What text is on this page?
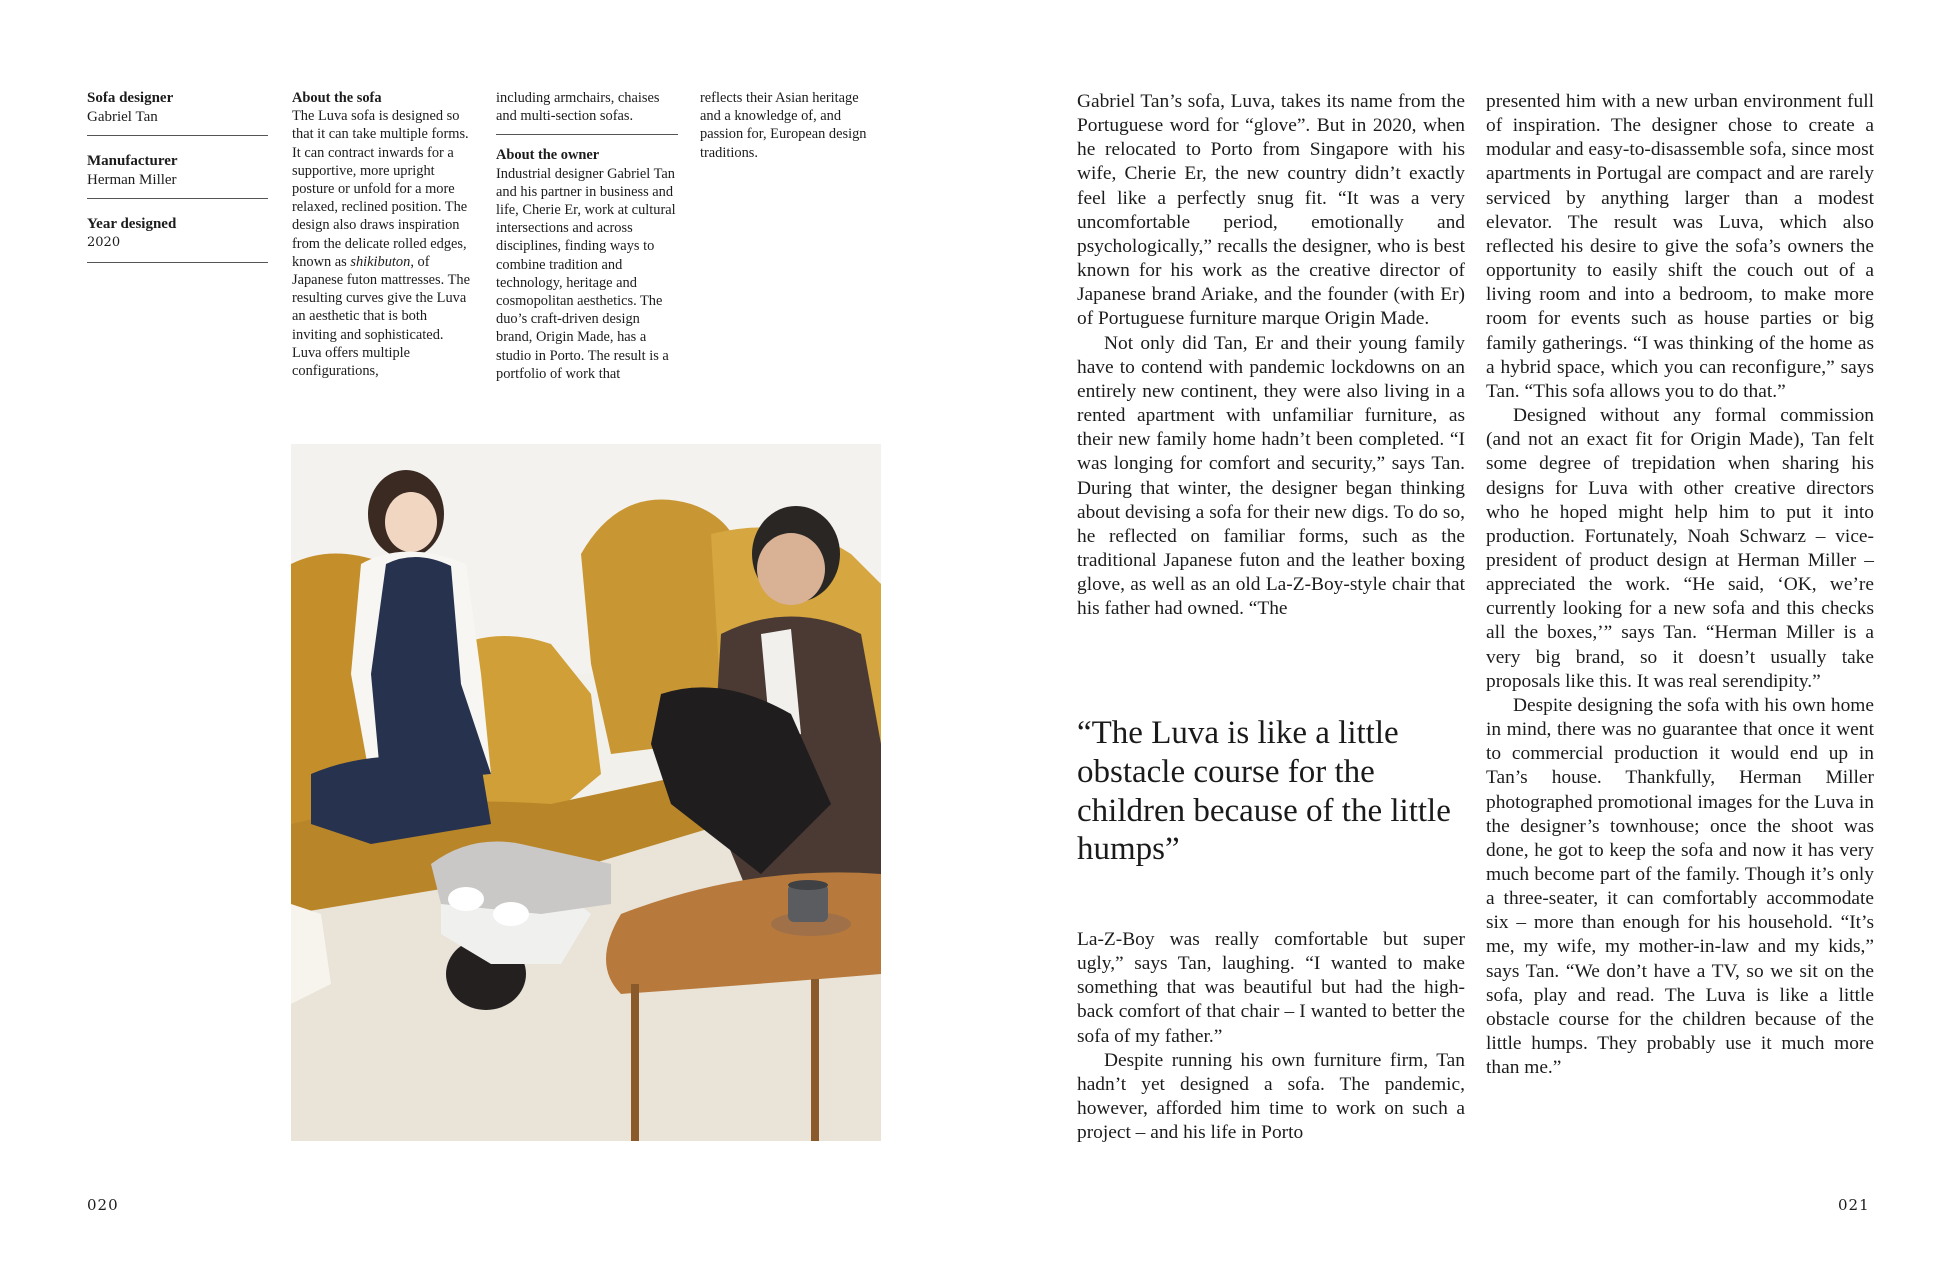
Sofa designer
Gabriel Tan
Manufacturer
Herman Miller
Year designed
2020
About the sofa
The Luva sofa is designed so that it can take multiple forms. It can contract inwards for a supportive, more upright posture or unfold for a more relaxed, reclined position. The design also draws inspiration from the delicate rolled edges, known as shikibuton, of Japanese futon mattresses. The resulting curves give the Luva an aesthetic that is both inviting and sophisticated. Luva offers multiple configurations,
including armchairs, chaises and multi-section sofas.
About the owner
Industrial designer Gabriel Tan and his partner in business and life, Cherie Er, work at cultural intersections and across disciplines, finding ways to combine tradition and technology, heritage and cosmopolitan aesthetics. The duo’s craft-driven design brand, Origin Made, has a studio in Porto. The result is a portfolio of work that
reflects their Asian heritage and a knowledge of, and passion for, European design traditions.

Gabriel Tan’s sofa, Luva, takes its name from the Portuguese word for “glove”. But in 2020, when he relocated to Porto from Singapore with his wife, Cherie Er, the new country didn’t exactly feel like a perfectly snug fit. “It was a very uncomfortable period, emotionally and psychologically,” recalls the designer, who is best known for his work as the creative director of Japanese brand Ariake, and the founder (with Er) of Portuguese furniture marque Origin Made.

Not only did Tan, Er and their young family have to contend with pandemic lockdowns on an entirely new continent, they were also living in a rented apartment with unfamiliar furniture, as their new family home hadn’t been completed. “I was longing for comfort and security,” says Tan. During that winter, the designer began thinking about devising a sofa for their new digs. To do so, he reflected on familiar forms, such as the traditional Japanese futon and the leather boxing glove, as well as an old La-Z-Boy-style chair that his father had owned. “The

“The Luva is like a little obstacle course for the children because of the little humps”

La-Z-Boy was really comfortable but super ugly,” says Tan, laughing. “I wanted to make something that was beautiful but had the high-back comfort of that chair – I wanted to better the sofa of my father.”

Despite running his own furniture firm, Tan hadn’t yet designed a sofa. The pandemic, however, afforded him time to work on such a project – and his life in Porto

presented him with a new urban environment full of inspiration. The designer chose to create a modular and easy-to-disassemble sofa, since most apartments in Portugal are compact and are rarely serviced by anything larger than a modest elevator. The result was Luva, which also reflected his desire to give the sofa’s owners the opportunity to easily shift the couch out of a living room and into a bedroom, to make more room for events such as house parties or big family gatherings. “I was thinking of the home as a hybrid space, which you can reconfigure,” says Tan. “This sofa allows you to do that.”

Designed without any formal commission (and not an exact fit for Origin Made), Tan felt some degree of trepidation when sharing his designs for Luva with other creative directors who he hoped might help him to put it into production. Fortunately, Noah Schwarz – vice-president of product design at Herman Miller – appreciated the work. “He said, ‘OK, we’re currently looking for a new sofa and this checks all the boxes,’” says Tan. “Herman Miller is a very big brand, so it doesn’t usually take proposals like this. It was real serendipity.”

Despite designing the sofa with his own home in mind, there was no guarantee that once it went to commercial production it would end up in Tan’s house. Thankfully, Herman Miller photographed promotional images for the Luva in the designer’s townhouse; once the shoot was done, he got to keep the sofa and now it has very much become part of the family. Though it’s only a three-seater, it can comfortably accommodate six – more than enough for his household. “It’s me, my wife, my mother-in-law and my kids,” says Tan. “We don’t have a TV, so we sit on the sofa, play and read. The Luva is like a little obstacle course for the children because of the little humps. They probably use it much more than me.”

020	021
